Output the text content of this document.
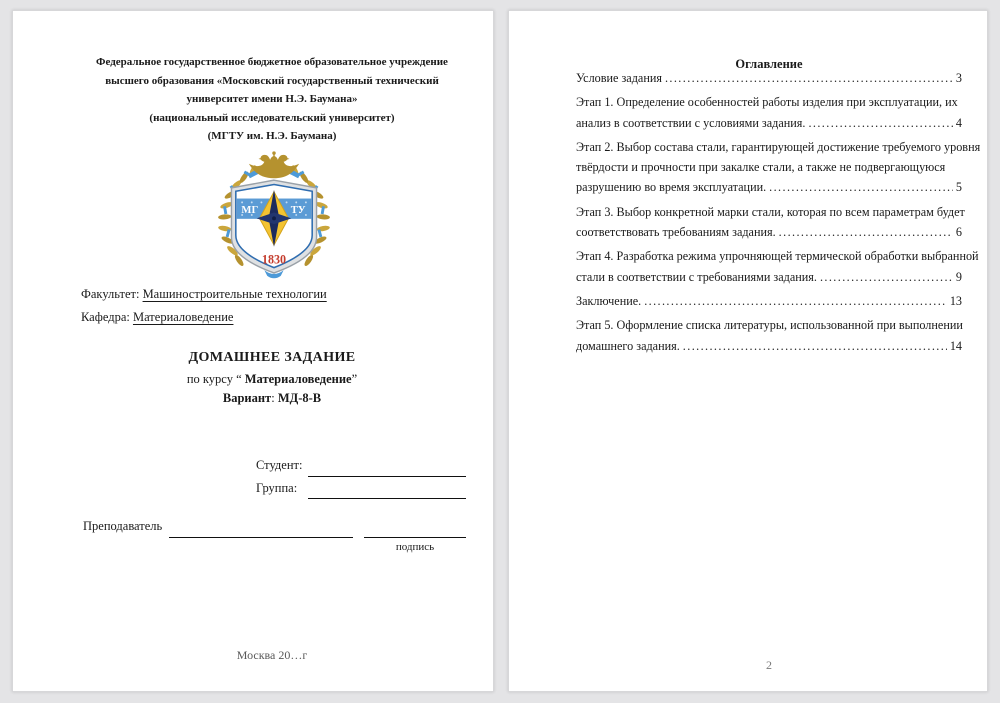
Федеральное государственное бюджетное образовательное учреждение
высшего образования «Московский государственный технический
университет имени Н.Э. Баумана»
(национальный исследовательский университет)
(МГТУ им. Н.Э. Баумана)
МГ	ТУ
1830
Факультет: Машиностроительные технологии
Кафедра: Материаловедение
ДОМАШНЕЕ ЗАДАНИЕ
по курсу “ Материаловедение”
Вариант: МД-8-В
Студент:
Группа:
Преподаватель
подпись
Москва 20…г
Оглавление
Условие задания .....	3
Этап 1. Определение особенностей работы изделия при эксплуатации, их
анализ в соответствии с условиями задания. .....	4
Этап 2. Выбор состава стали, гарантирующей достижение требуемого уровня
твёрдости и прочности при закалке стали, а также не подвергающуюся
разрушению во время эксплуатации. .....	5
Этап 3. Выбор конкретной марки стали, которая по всем параметрам будет
соответствовать требованиям задания. .....	6
Этап 4. Разработка режима упрочняющей термической обработки выбранной
стали в соответствии с требованиями задания. .....	9
Заключение. .....	13
Этап 5. Оформление списка литературы, использованной при выполнении
домашнего задания. .....	14
2
